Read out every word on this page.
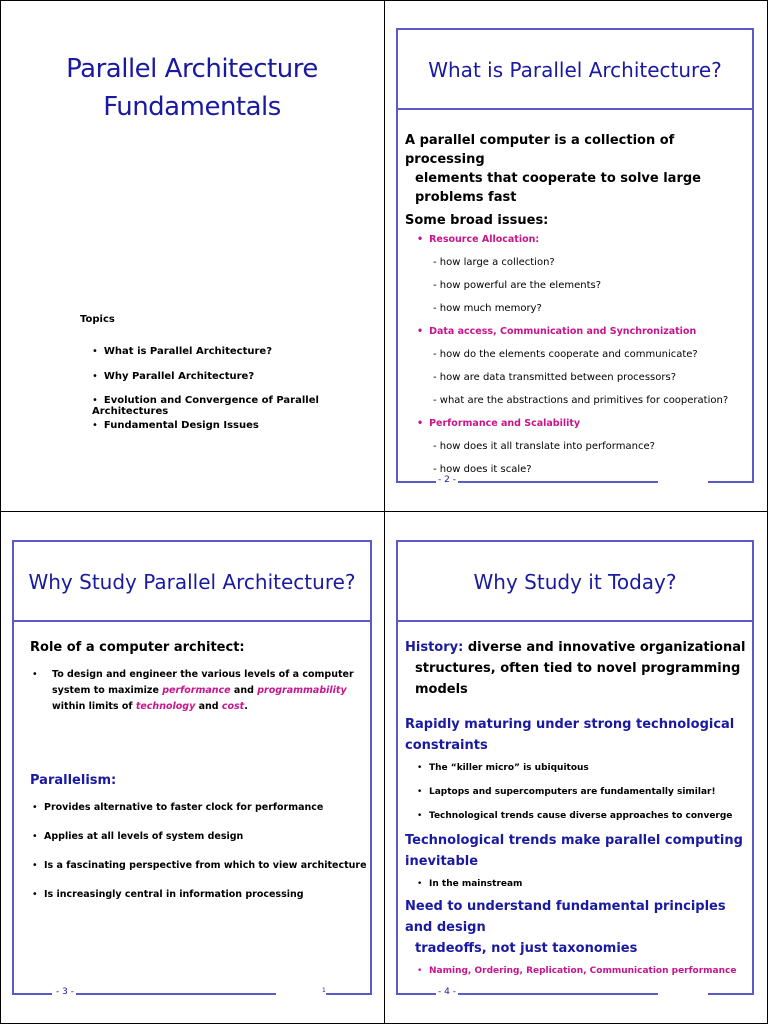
Parallel Architecture
Fundamentals
Topics
• What is Parallel Architecture?
• Why Parallel Architecture?
• Evolution and Convergence of Parallel Architectures
• Fundamental Design Issues
What is Parallel Architecture?
A parallel computer is a collection of processing
elements that cooperate to solve large problems fast
Some broad issues:
• Resource Allocation:
- how large a collection?
- how powerful are the elements?
- how much memory?
• Data access, Communication and Synchronization
- how do the elements cooperate and communicate?
- how are data transmitted between processors?
- what are the abstractions and primitives for cooperation?
• Performance and Scalability
- how does it all translate into performance?
- how does it scale?
- 2 -
Why Study Parallel Architecture?
Role of a computer architect:
• To design and engineer the various levels of a computer system to maximize performance and programmability within limits of technology and cost.
Parallelism:
• Provides alternative to faster clock for performance
• Applies at all levels of system design
• Is a fascinating perspective from which to view architecture
• Is increasingly central in information processing
- 3 -	1
Why Study it Today?
History: diverse and innovative organizational
structures, often tied to novel programming models
Rapidly maturing under strong technological constraints
• The “killer micro” is ubiquitous
• Laptops and supercomputers are fundamentally similar!
• Technological trends cause diverse approaches to converge
Technological trends make parallel computing inevitable
• In the mainstream
Need to understand fundamental principles and design
tradeoffs, not just taxonomies
• Naming, Ordering, Replication, Communication performance
- 4 -
